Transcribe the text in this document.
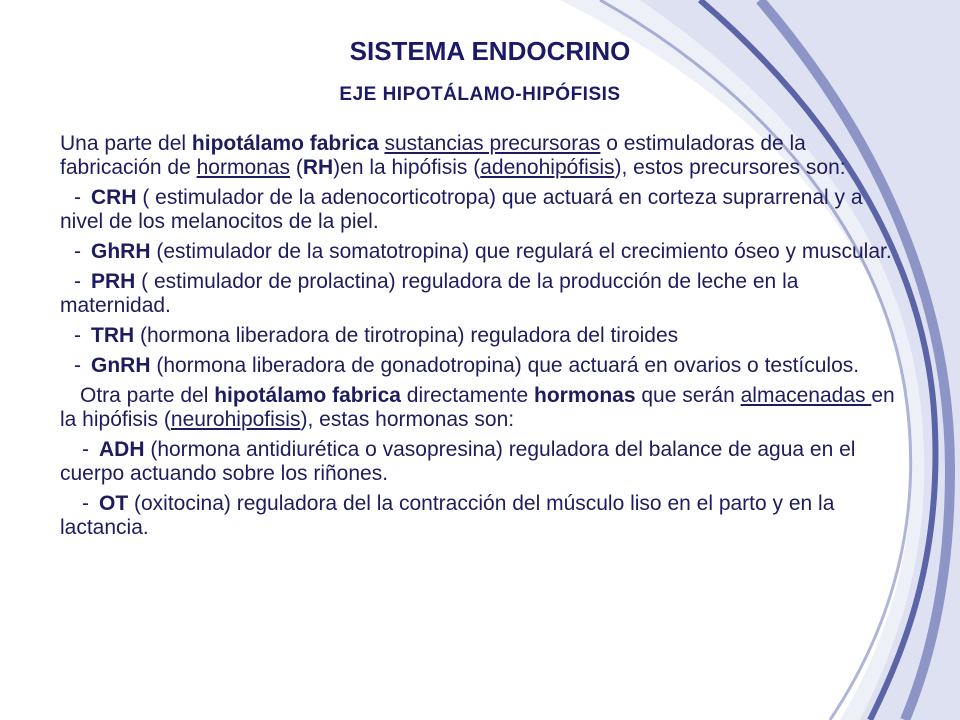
SISTEMA ENDOCRINO
EJE HIPOTÁLAMO-HIPÓFISIS

Una parte del hipotálamo fabrica sustancias precursoras o estimuladoras de la fabricación de hormonas (RH)en la hipófisis (adenohipófisis), estos precursores son:

- CRH ( estimulador de la adenocorticotropa) que actuará en corteza suprarrenal y a nivel de los melanocitos de la piel.

- GhRH (estimulador de la somatotropina) que regulará el crecimiento óseo y muscular.

- PRH ( estimulador de prolactina) reguladora de la producción de leche en la maternidad.

- TRH (hormona liberadora de tirotropina) reguladora del tiroides

- GnRH (hormona liberadora de gonadotropina) que actuará en ovarios o testículos.

Otra parte del hipotálamo fabrica directamente hormonas que serán almacenadas en la hipófisis (neurohipofisis), estas hormonas son:

- ADH (hormona antidiurética o vasopresina) reguladora del balance de agua en el cuerpo actuando sobre los riñones.

- OT (oxitocina) reguladora del la contracción del músculo liso en el parto y en la lactancia.
